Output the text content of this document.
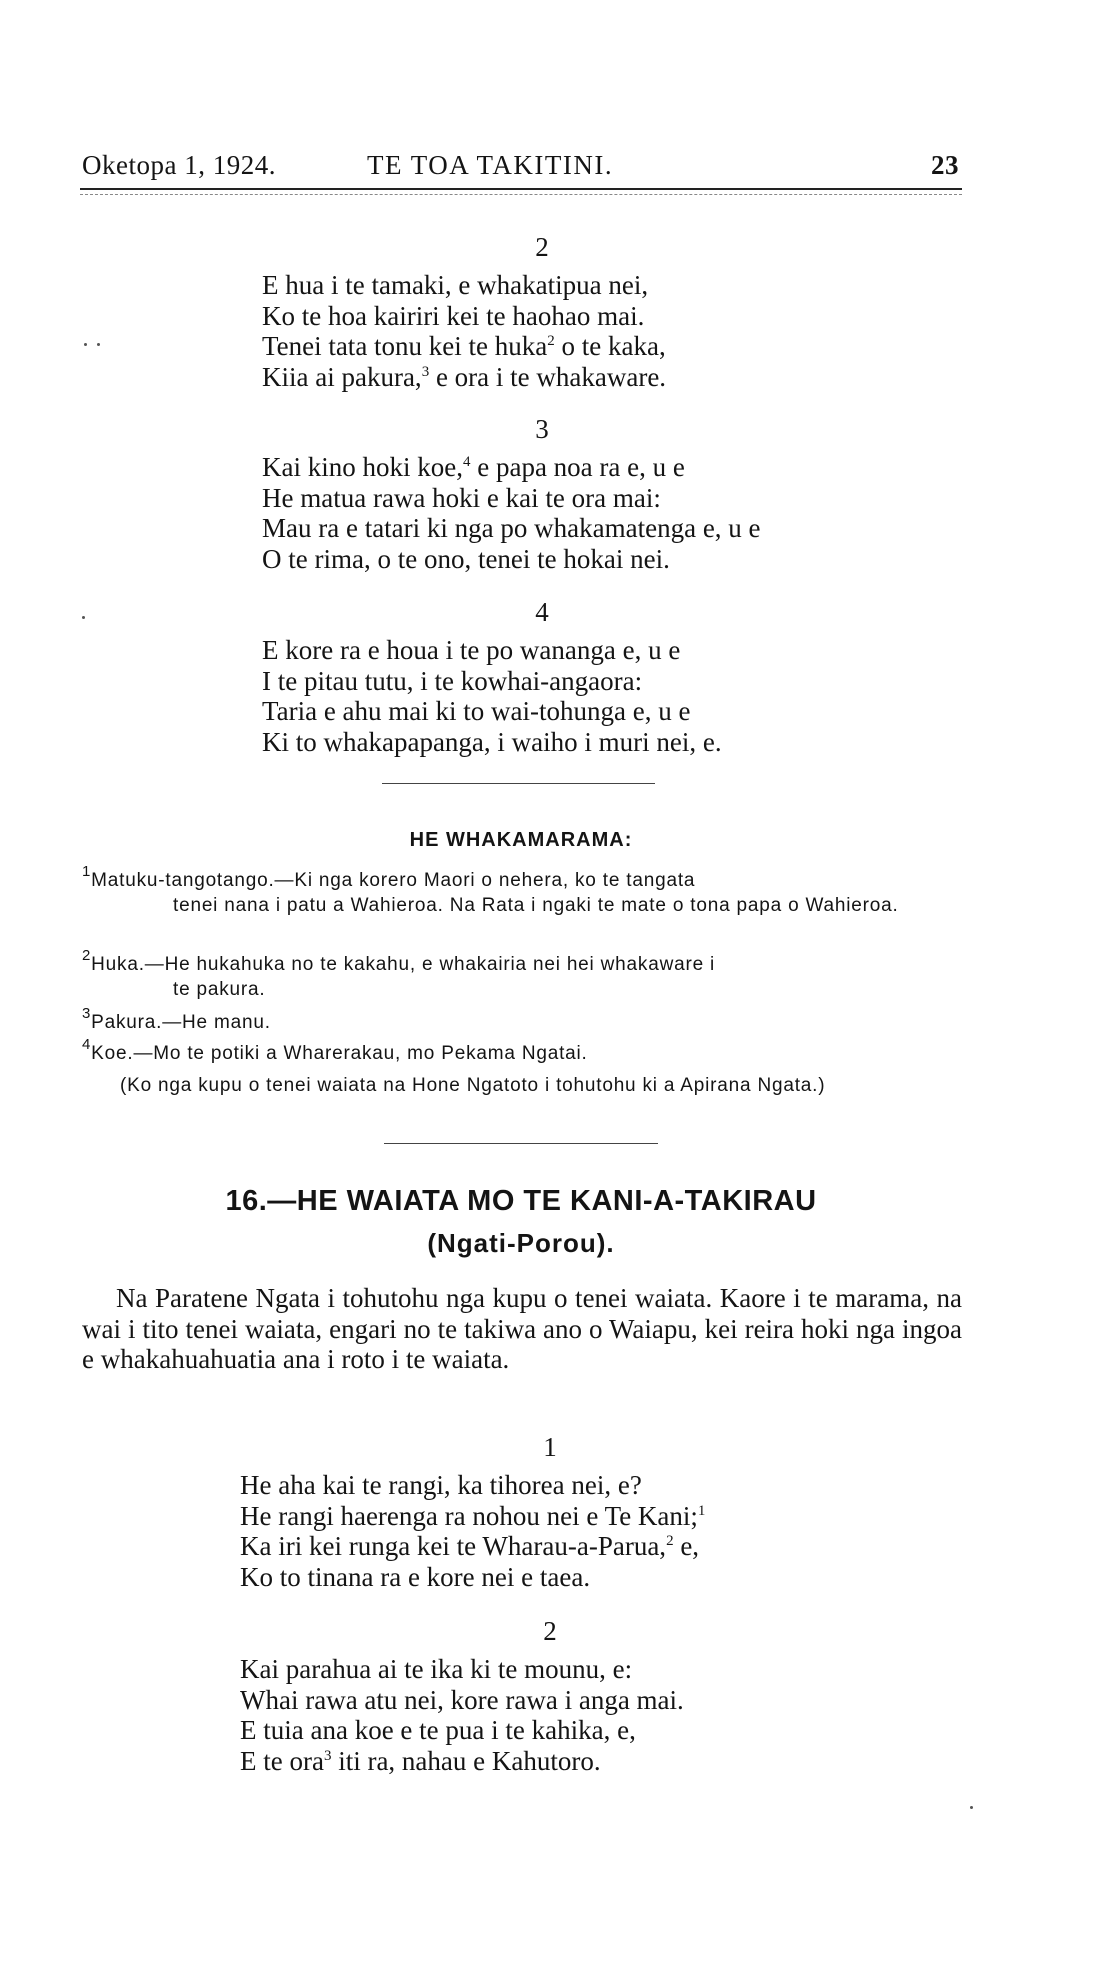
Oketopa 1, 1924.	TE TOA TAKITINI.	23
2
E hua i te tamaki, e whakatipua nei,
Ko te hoa kairiri kei te haohao mai.
Tenei tata tonu kei te huka$^2$ o te kaka,
Kiia ai pakura,$^3$ e ora i te whakaware.
3
Kai kino hoki koe,$^4$ e papa noa ra e, u e
He matua rawa hoki e kai te ora mai:
Mau ra e tatari ki nga po whakamatenga e, u e
O te rima, o te ono, tenei te hokai nei.
4
E kore ra e houa i te po wananga e, u e
I te pitau tutu, i te kowhai-angaora:
Taria e ahu mai ki to wai-tohunga e, u e
Ki to whakapapanga, i waiho i muri nei, e.
HE WHAKAMARAMA:
$^1$Matuku-tangotango.—Ki nga korero Maori o nehera, ko te tangata
tenei nana i patu a Wahieroa. Na Rata i ngaki te mate o tona papa o Wahieroa.
$^2$Huka.—He hukahuka no te kakahu, e whakairia nei hei whakaware i
te pakura.
$^3$Pakura.—He manu.
$^4$Koe.—Mo te potiki a Wharerakau, mo Pekama Ngatai.
(Ko nga kupu o tenei waiata na Hone Ngatoto i tohutohu ki a Apirana Ngata.)
16.—HE WAIATA MO TE KANI-A-TAKIRAU
(Ngati-Porou).
Na Paratene Ngata i tohutohu nga kupu o tenei waiata. Kaore i te marama, na wai i tito tenei waiata, engari no te takiwa ano o Waiapu, kei reira hoki nga ingoa e whakahuahuatia ana i roto i te waiata.
1
He aha kai te rangi, ka tihorea nei, e?
He rangi haerenga ra nohou nei e Te Kani;$^1$
Ka iri kei runga kei te Wharau-a-Parua,$^2$ e,
Ko to tinana ra e kore nei e taea.
2
Kai parahua ai te ika ki te mounu, e:
Whai rawa atu nei, kore rawa i anga mai.
E tuia ana koe e te pua i te kahika, e,
E te ora$^3$ iti ra, nahau e Kahutoro.
